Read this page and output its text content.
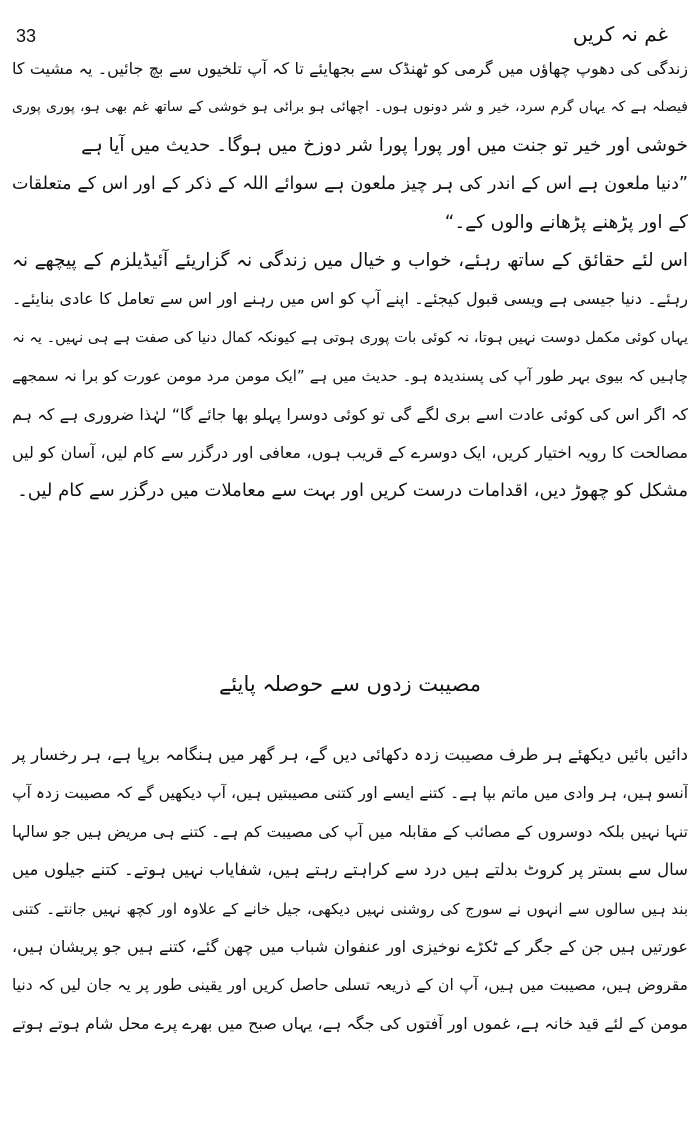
33	غم نہ کریں
زندگی کی دھوپ چھاؤں میں گرمی کو ٹھنڈک سے بجھایئے تا کہ آپ تلخیوں سے بچ جائیں۔ یہ مشیت کا
فیصلہ ہے کہ یہاں گرم سرد، خیر و شر دونوں ہوں۔ اچھائی ہو برائی ہو خوشی کے ساتھ غم بھی ہو، پوری پوری
خوشی اور خیر تو جنت میں اور پورا پورا شر دوزخ میں ہوگا۔ حدیث میں آیا ہے
”دنیا ملعون ہے اس کے اندر کی ہر چیز ملعون ہے سوائے اللہ کے ذکر کے اور اس کے متعلقات
کے اور پڑھنے پڑھانے والوں کے۔“
اس لئے حقائق کے ساتھ رہئے، خواب و خیال میں زندگی نہ گزاریئے آئیڈیلزم کے پیچھے نہ
رہئے۔ دنیا جیسی ہے ویسی قبول کیجئے۔ اپنے آپ کو اس میں رہنے اور اس سے تعامل کا عادی بنایئے۔
یہاں کوئی مکمل دوست نہیں ہوتا، نہ کوئی بات پوری ہوتی ہے کیونکہ کمال دنیا کی صفت ہے ہی نہیں۔ یہ نہ
چاہیں کہ بیوی بہر طور آپ کی پسندیدہ ہو۔ حدیث میں ہے ”ایک مومن مرد مومن عورت کو برا نہ سمجھے
کہ اگر اس کی کوئی عادت اسے بری لگے گی تو کوئی دوسرا پہلو بھا جائے گا“ لہٰذا ضروری ہے کہ ہم
مصالحت کا رویہ اختیار کریں، ایک دوسرے کے قریب ہوں، معافی اور درگزر سے کام لیں، آسان کو لیں
مشکل کو چھوڑ دیں، اقدامات درست کریں اور بہت سے معاملات میں درگزر سے کام لیں۔
مصیبت زدوں سے حوصلہ پایئے
دائیں بائیں دیکھئے ہر طرف مصیبت زدہ دکھائی دیں گے، ہر گھر میں ہنگامہ برپا ہے، ہر رخسار پر
آنسو ہیں، ہر وادی میں ماتم بپا ہے۔ کتنے ایسے اور کتنی مصیبتیں ہیں، آپ دیکھیں گے کہ مصیبت زدہ آپ
تنہا نہیں بلکہ دوسروں کے مصائب کے مقابلہ میں آپ کی مصیبت کم ہے۔ کتنے ہی مریض ہیں جو سالہا
سال سے بستر پر کروٹ بدلتے ہیں درد سے کراہتے رہتے ہیں، شفایاب نہیں ہوتے۔ کتنے جیلوں میں
بند ہیں سالوں سے انہوں نے سورج کی روشنی نہیں دیکھی، جیل خانے کے علاوہ اور کچھ نہیں جانتے۔ کتنی
عورتیں ہیں جن کے جگر کے ٹکڑے نوخیزی اور عنفوان شباب میں چھن گئے، کتنے ہیں جو پریشان ہیں،
مقروض ہیں، مصیبت میں ہیں، آپ ان کے ذریعہ تسلی حاصل کریں اور یقینی طور پر یہ جان لیں کہ دنیا
مومن کے لئے قید خانہ ہے، غموں اور آفتوں کی جگہ ہے، یہاں صبح میں بھرے پرے محل شام ہوتے ہوتے
